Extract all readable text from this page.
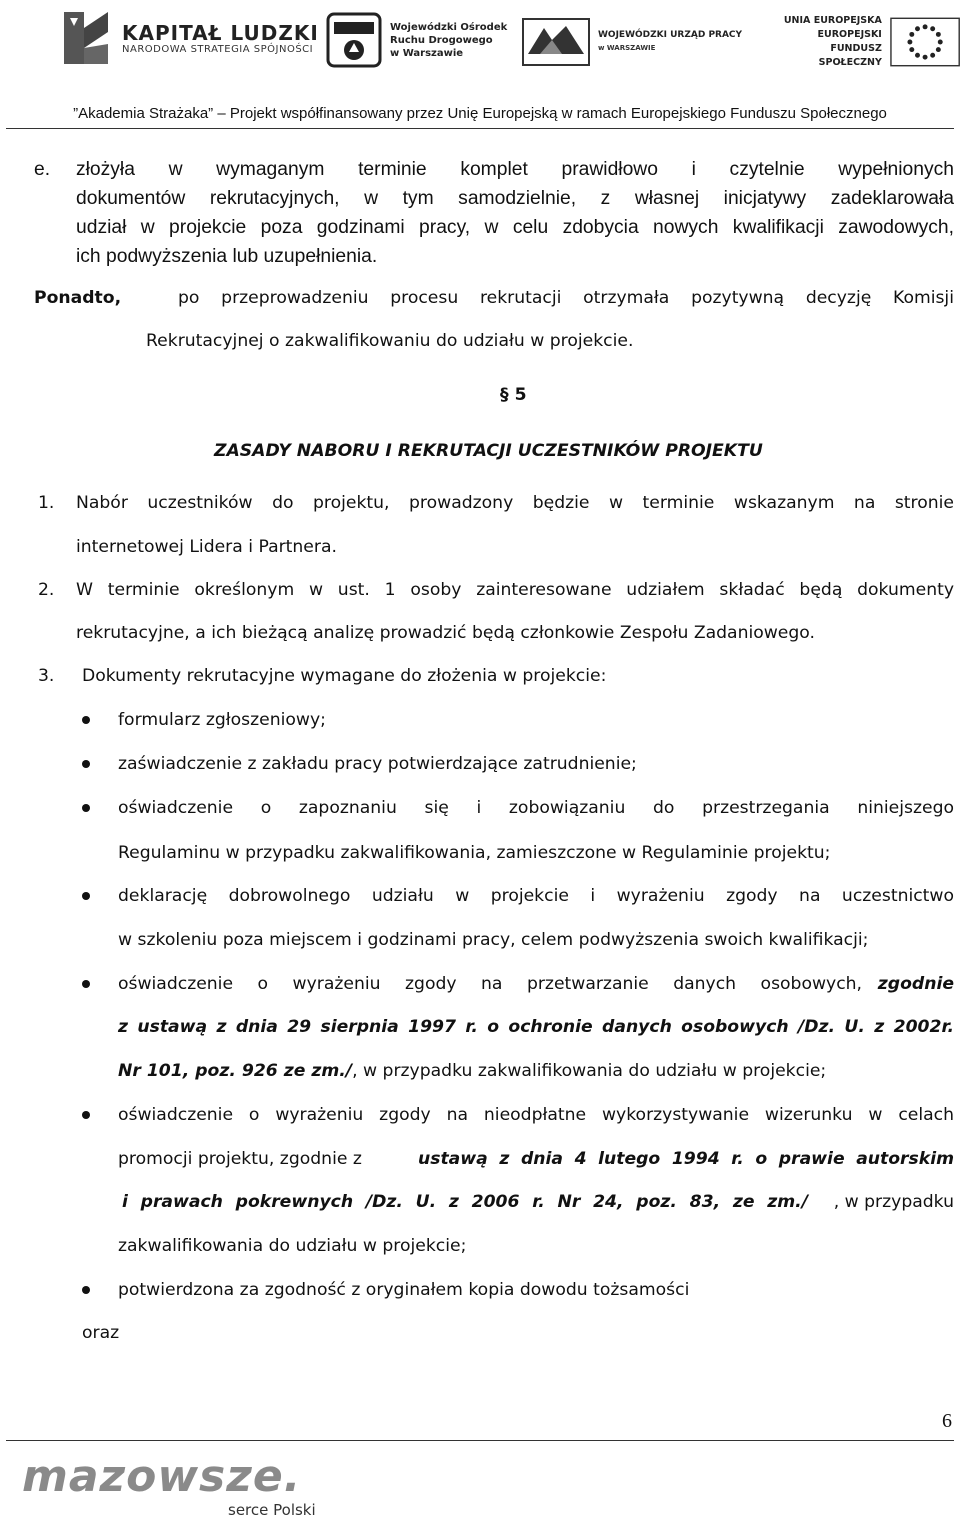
KAPITAŁ LUDZKI
NARODOWA STRATEGIA SPÓJNOŚCI
Wojewódzki Ośrodek
Ruchu Drogowego
w Warszawie
WOJEWÓDZKI URZĄD PRACY
w WARSZAWIE
UNIA EUROPEJSKA
EUROPEJSKI
FUNDUSZ SPOŁECZNY
”Akademia Strażaka” – Projekt współfinansowany przez Unię Europejską w ramach Europejskiego Funduszu Społecznego
e. złożyła w wymaganym terminie komplet prawidłowo i czytelnie wypełnionych
dokumentów rekrutacyjnych, w tym samodzielnie, z własnej inicjatywy zadeklarowała
udział w projekcie poza godzinami pracy, w celu zdobycia nowych kwalifikacji zawodowych,
ich podwyższenia lub uzupełnienia.
Ponadto,	po przeprowadzeniu procesu rekrutacji otrzymała pozytywną decyzję Komisji
Rekrutacyjnej o zakwalifikowaniu do udziału w projekcie.
§ 5
ZASADY NABORU I REKRUTACJI UCZESTNIKÓW PROJEKTU
1. Nabór uczestników do projektu, prowadzony będzie w terminie wskazanym na stronie
internetowej Lidera i Partnera.
2. W terminie określonym w ust. 1 osoby zainteresowane udziałem składać będą dokumenty
rekrutacyjne, a ich bieżącą analizę prowadzić będą członkowie Zespołu Zadaniowego.
3. Dokumenty rekrutacyjne wymagane do złożenia w projekcie:
formularz zgłoszeniowy;
zaświadczenie z zakładu pracy potwierdzające zatrudnienie;
oświadczenie o zapoznaniu się i zobowiązaniu do przestrzegania niniejszego
Regulaminu w przypadku zakwalifikowania, zamieszczone w Regulaminie projektu;
deklarację dobrowolnego udziału w projekcie i wyrażeniu zgody na uczestnictwo
w szkoleniu poza miejscem i godzinami pracy, celem podwyższenia swoich kwalifikacji;
oświadczenie o wyrażeniu zgody na przetwarzanie danych osobowych, zgodnie
z ustawą z dnia 29 sierpnia 1997 r. o ochronie danych osobowych /Dz. U. z 2002r.
Nr 101, poz. 926 ze zm./, w przypadku zakwalifikowania do udziału w projekcie;
oświadczenie o wyrażeniu zgody na nieodpłatne wykorzystywanie wizerunku w celach
promocji projektu, zgodnie z	ustawą z dnia 4 lutego 1994 r. o prawie autorskim
i prawach pokrewnych /Dz. U. z 2006 r. Nr 24, poz. 83, ze zm./ , w przypadku
zakwalifikowania do udziału w projekcie;
potwierdzona za zgodność z oryginałem kopia dowodu tożsamości
oraz
6
mazowsze.
serce Polski
